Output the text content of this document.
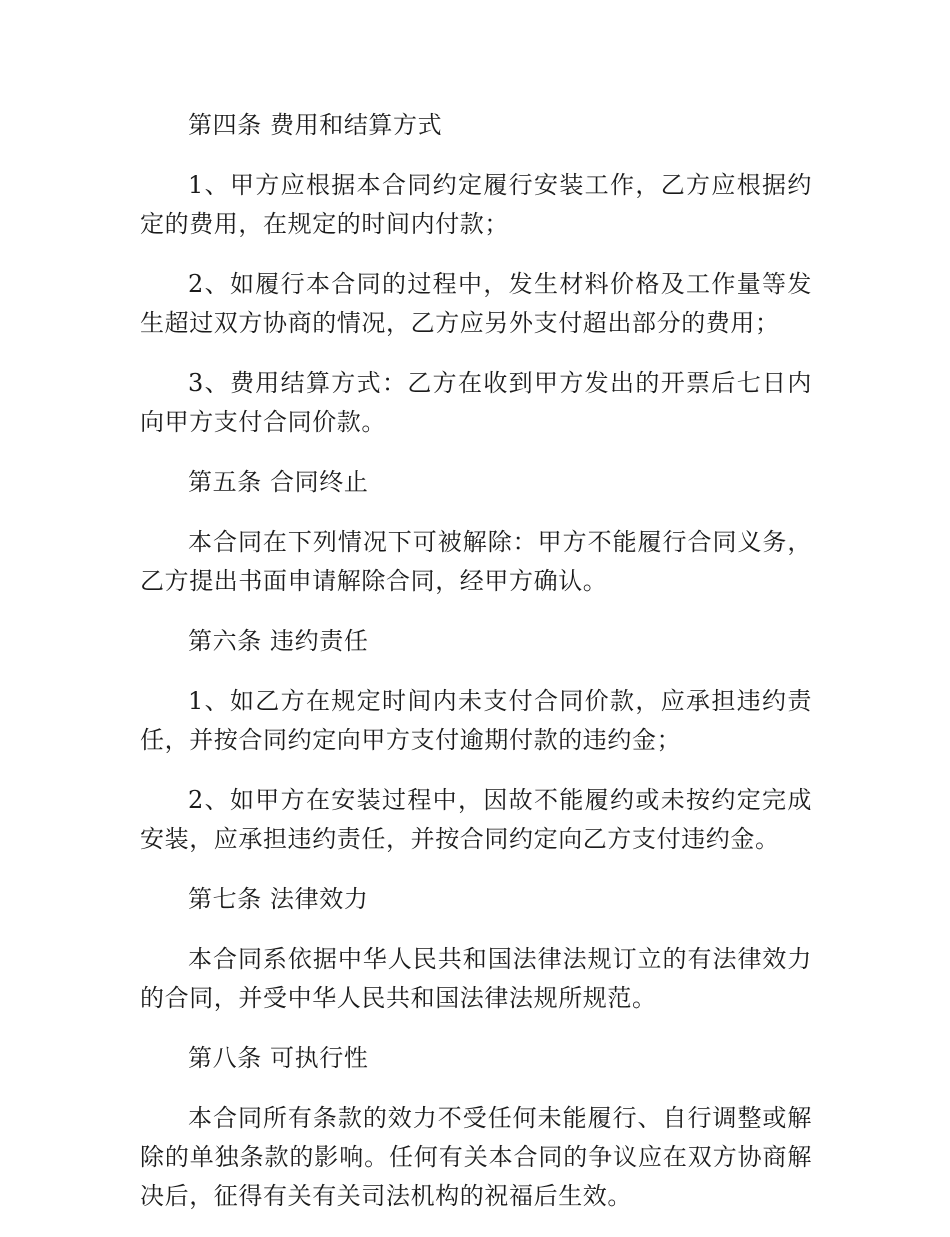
第四条 费用和结算方式

1、甲方应根据本合同约定履行安装工作，乙方应根据约定的费用，在规定的时间内付款；

2、如履行本合同的过程中，发生材料价格及工作量等发生超过双方协商的情况，乙方应另外支付超出部分的费用；

3、费用结算方式：乙方在收到甲方发出的开票后七日内向甲方支付合同价款。

第五条 合同终止

本合同在下列情况下可被解除：甲方不能履行合同义务，乙方提出书面申请解除合同，经甲方确认。

第六条 违约责任

1、如乙方在规定时间内未支付合同价款，应承担违约责任，并按合同约定向甲方支付逾期付款的违约金；

2、如甲方在安装过程中，因故不能履约或未按约定完成安装，应承担违约责任，并按合同约定向乙方支付违约金。

第七条 法律效力

本合同系依据中华人民共和国法律法规订立的有法律效力的合同，并受中华人民共和国法律法规所规范。

第八条 可执行性

本合同所有条款的效力不受任何未能履行、自行调整或解除的单独条款的影响。任何有关本合同的争议应在双方协商解决后，征得有关有关司法机构的祝福后生效。
